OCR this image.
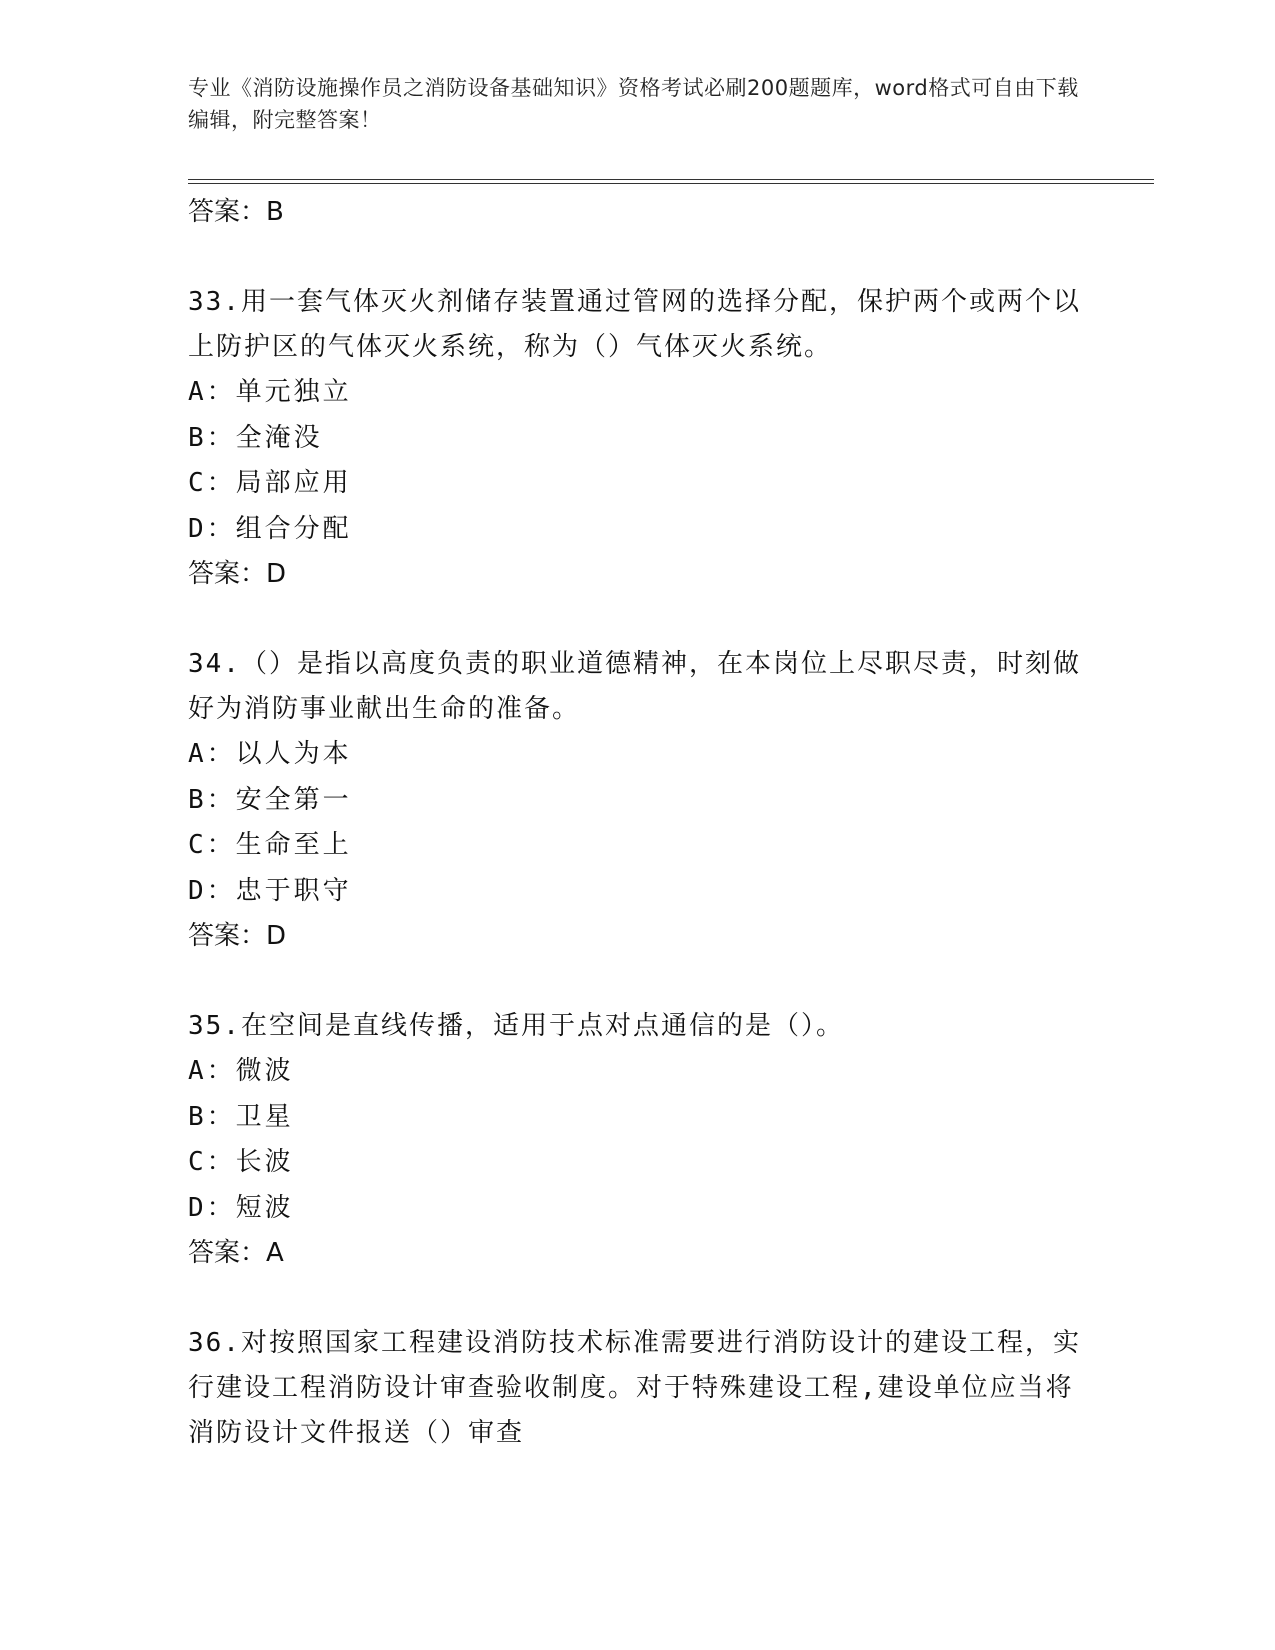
专业《消防设施操作员之消防设备基础知识》资格考试必刷200题题库，word格式可自由下载编辑，附完整答案！
答案：B
33.用一套气体灭火剂储存装置通过管网的选择分配，保护两个或两个以上防护区的气体灭火系统，称为（）气体灭火系统。
A：单元独立
B：全淹没
C：局部应用
D：组合分配
答案：D
34.（）是指以高度负责的职业道德精神，在本岗位上尽职尽责，时刻做好为消防事业献出生命的准备。
A：以人为本
B：安全第一
C：生命至上
D：忠于职守
答案：D
35.在空间是直线传播，适用于点对点通信的是（）。
A：微波
B：卫星
C：长波
D：短波
答案：A
36.对按照国家工程建设消防技术标准需要进行消防设计的建设工程，实行建设工程消防设计审查验收制度。对于特殊建设工程,建设单位应当将消防设计文件报送（）审查
